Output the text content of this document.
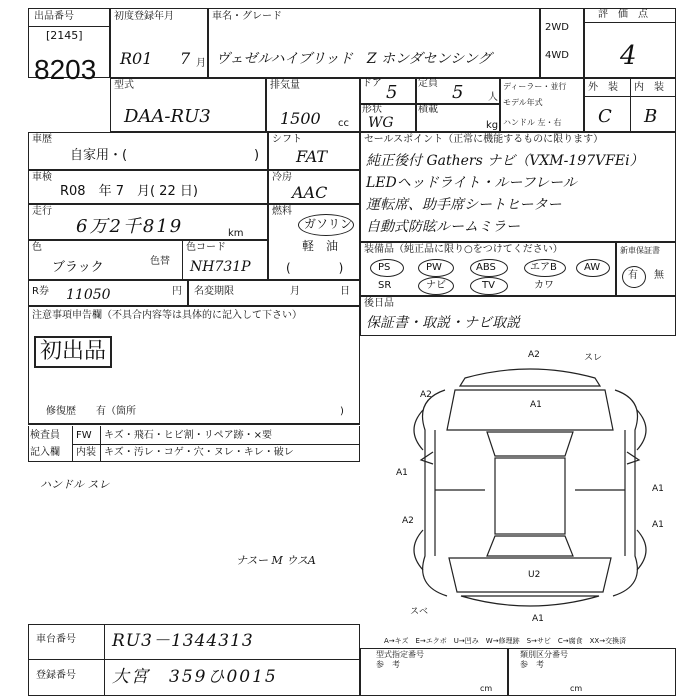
出品番号
[2145]
8203
初度登録年月
R01 7 月
車名・グレード
ヴェゼルハイブリッド　Z ホンダセンシング
2WD
4WD
評　価　点
4
型式
DAA-RU3
排気量
1500 cc
ドア 5 定員 5 人
形状
WG
積載
kg
ディーラー・並行
モデル年式
ハンドル 左・右
外　装 内　装
C B
車歴
自家用・(	)
シフト
FAT
車検
R08　年 7　月( 22 日)
冷房
AAC
走行
6万2千819	km
燃料
ガソリン
軽　油
(　　　　)
色
ブラック	色替
色コード
NH731P
R券 11050	円 名変期限	月	日
注意事項申告欄（不具合内容等は具体的に記入して下さい）
初出品
修復歴　　有（箇所	)
セールスポイント（正常に機能するものに限ります）
純正後付 Gathers ナビ（VXM-197VFEi）
LEDヘッドライト・ルーフレール
運転席、助手席シートヒーター
自動式防眩ルームミラー
装備品（純正品に限り○をつけてください）
PS	PW	ABS	エアB	AW
SR	ナビ	TV	カワ
新車保証書
有 無
後日品
保証書・取説・ナビ取説
A2	スレ
A1
A2
A1
A2
A1
A1
U2
A1
スベ
検査員
記入欄
FW キズ・飛石・ヒビ割・リペア跡・×要
内装 キズ・汚レ・コゲ・穴・ヌレ・キレ・破レ
ハンドル スレ
ナスー M ウスA
A→キズ　E→エクボ　U→凹み　W→修理跡　S→サビ　C→腐食　XX→交換済
車台番号 RU3－1344313
登録番号 大宮　359ひ0015
型式指定番号
参　考
cm
類別区分番号
参　考
cm
